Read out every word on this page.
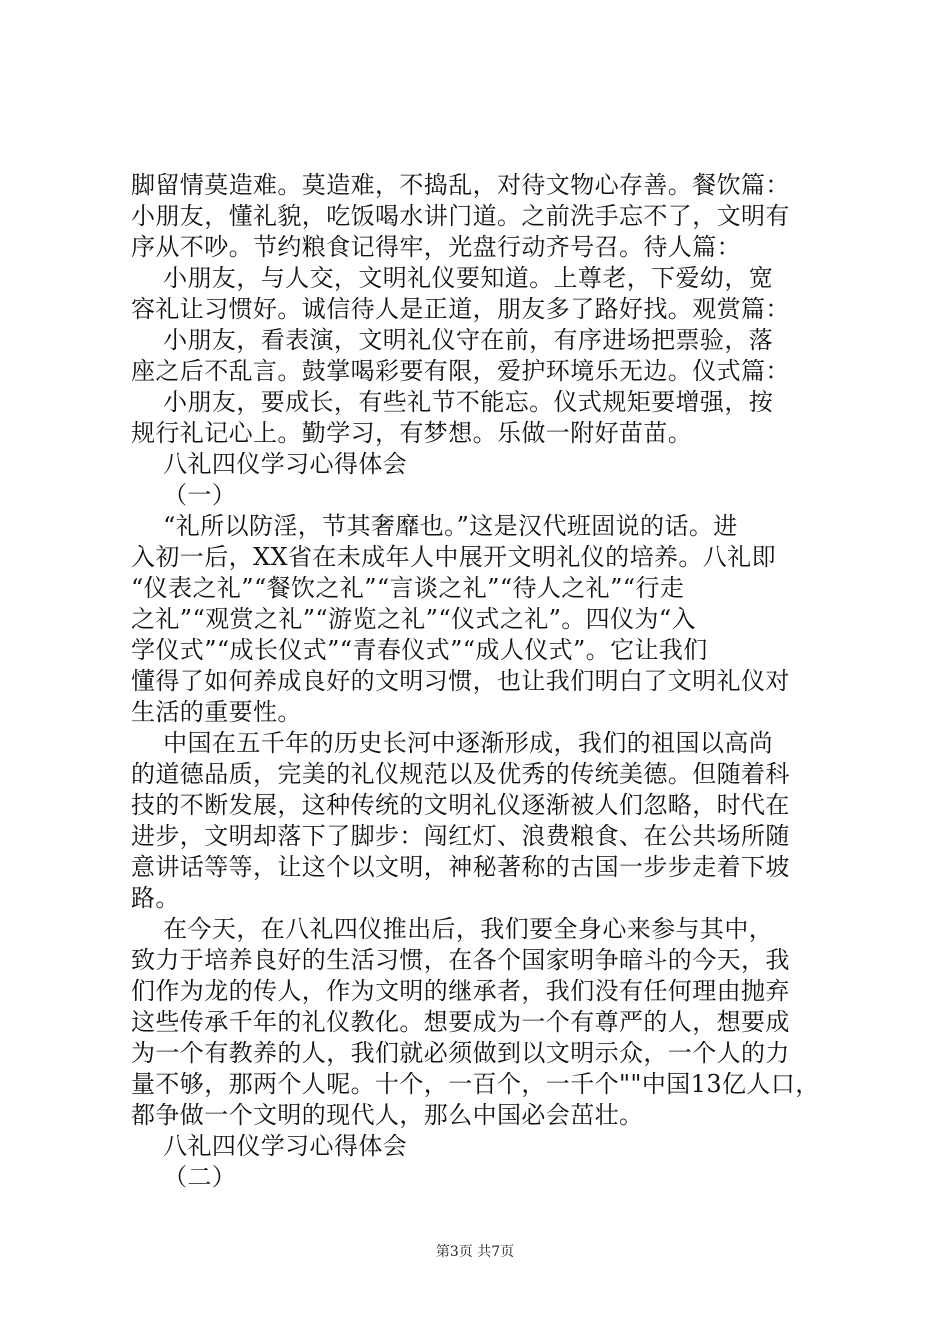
脚留情莫造难。莫造难，不捣乱，对待文物心存善。餐饮篇：
小朋友，懂礼貌，吃饭喝水讲门道。之前洗手忘不了，文明有
序从不吵。节约粮食记得牢，光盘行动齐号召。待人篇：
小朋友，与人交，文明礼仪要知道。上尊老，下爱幼，宽
容礼让习惯好。诚信待人是正道，朋友多了路好找。观赏篇：
小朋友，看表演，文明礼仪守在前，有序进场把票验，落
座之后不乱言。鼓掌喝彩要有限，爱护环境乐无边。仪式篇：
小朋友，要成长，有些礼节不能忘。仪式规矩要增强，按
规行礼记心上。勤学习，有梦想。乐做一附好苗苗。
八礼四仪学习心得体会
（一）
“礼所以防淫，节其奢靡也。”这是汉代班固说的话。进
入初一后，XX省在未成年人中展开文明礼仪的培养。八礼即
“仪表之礼”“餐饮之礼”“言谈之礼”“待人之礼”“行走
之礼”“观赏之礼”“游览之礼”“仪式之礼”。四仪为“入
学仪式”“成长仪式”“青春仪式”“成人仪式”。它让我们
懂得了如何养成良好的文明习惯，也让我们明白了文明礼仪对
生活的重要性。
中国在五千年的历史长河中逐渐形成，我们的祖国以高尚
的道德品质，完美的礼仪规范以及优秀的传统美德。但随着科
技的不断发展，这种传统的文明礼仪逐渐被人们忽略，时代在
进步，文明却落下了脚步：闯红灯、浪费粮食、在公共场所随
意讲话等等，让这个以文明，神秘著称的古国一步步走着下坡
路。
在今天，在八礼四仪推出后，我们要全身心来参与其中，
致力于培养良好的生活习惯，在各个国家明争暗斗的今天，我
们作为龙的传人，作为文明的继承者，我们没有任何理由抛弃
这些传承千年的礼仪教化。想要成为一个有尊严的人，想要成
为一个有教养的人，我们就必须做到以文明示众，一个人的力
量不够，那两个人呢。十个，一百个，一千个""中国13亿人口，
都争做一个文明的现代人，那么中国必会茁壮。
八礼四仪学习心得体会
（二）
第3页 共7页
